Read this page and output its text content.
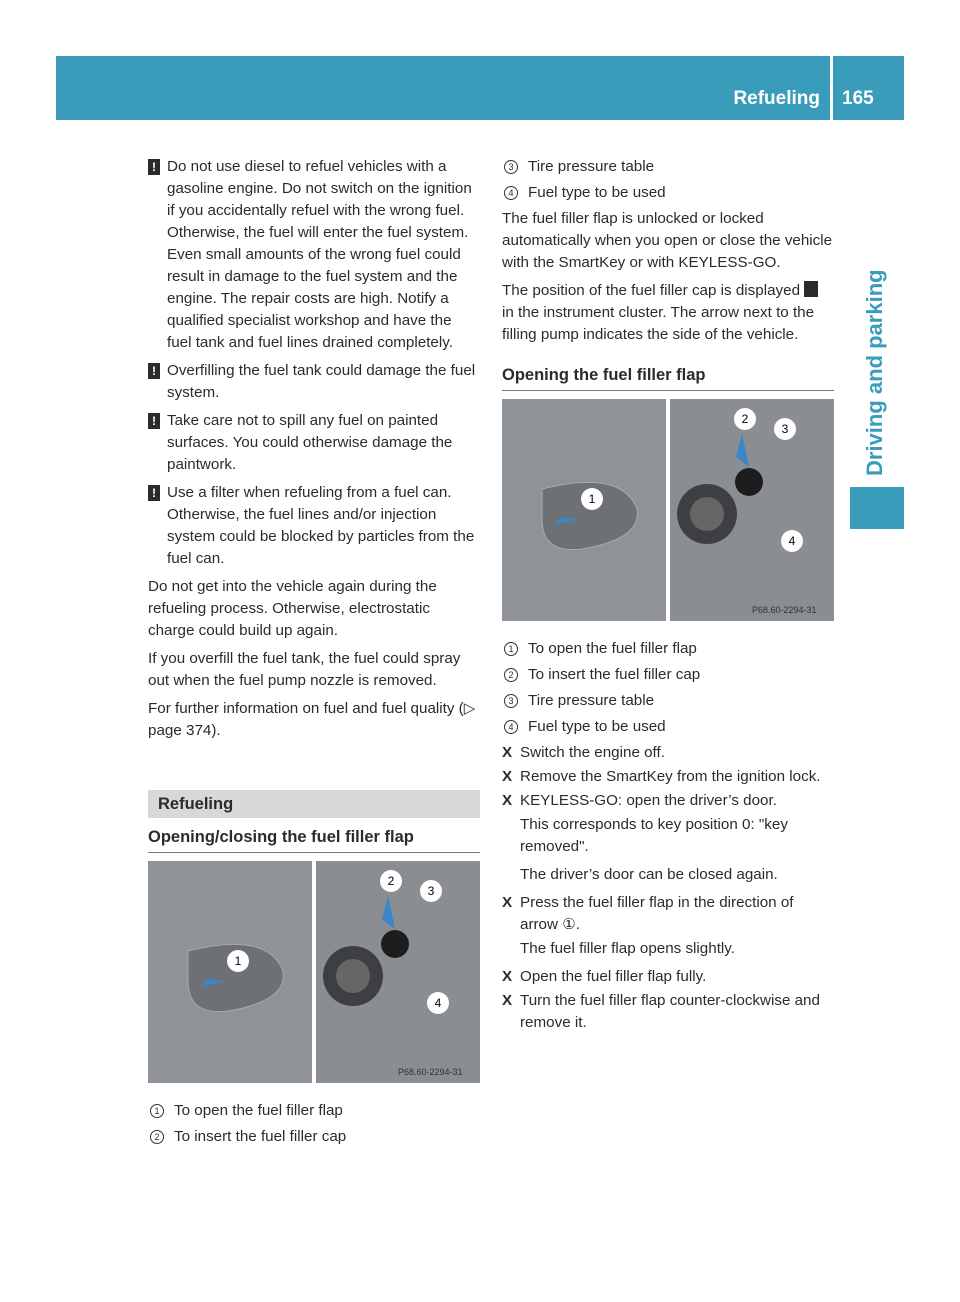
Refueling 165
Driving and parking
! Do not use diesel to refuel vehicles with a gasoline engine. Do not switch on the ignition if you accidentally refuel with the wrong fuel. Otherwise, the fuel will enter the fuel system. Even small amounts of the wrong fuel could result in damage to the fuel system and the engine. The repair costs are high. Notify a qualified specialist workshop and have the fuel tank and fuel lines drained completely.
! Overfilling the fuel tank could damage the fuel system.
! Take care not to spill any fuel on painted surfaces. You could otherwise damage the paintwork.
! Use a filter when refueling from a fuel can. Otherwise, the fuel lines and/or injection system could be blocked by particles from the fuel can.

Do not get into the vehicle again during the refueling process. Otherwise, electrostatic charge could build up again.

If you overfill the fuel tank, the fuel could spray out when the fuel pump nozzle is removed.

For further information on fuel and fuel quality (▷ page 374).

Refueling
Opening/closing the fuel filler flap
1
2
3
4
P68.60-2294-31
1 To open the fuel filler flap
2 To insert the fuel filler cap
3 Tire pressure table
4 Fuel type to be used

The fuel filler flap is unlocked or locked automatically when you open or close the vehicle with the SmartKey or with KEYLESS-GO.

The position of the fuel filler cap is displayed in the instrument cluster. The arrow next to the filling pump indicates the side of the vehicle.

Opening the fuel filler flap
1
2
3
4
P68.60-2294-31
1 To open the fuel filler flap
2 To insert the fuel filler cap
3 Tire pressure table
4 Fuel type to be used
X Switch the engine off.
X Remove the SmartKey from the ignition lock.
X KEYLESS-GO: open the driver’s door.
This corresponds to key position 0: "key removed".
The driver’s door can be closed again.
X Press the fuel filler flap in the direction of arrow ①.
The fuel filler flap opens slightly.
X Open the fuel filler flap fully.
X Turn the fuel filler flap counter-clockwise and remove it.
